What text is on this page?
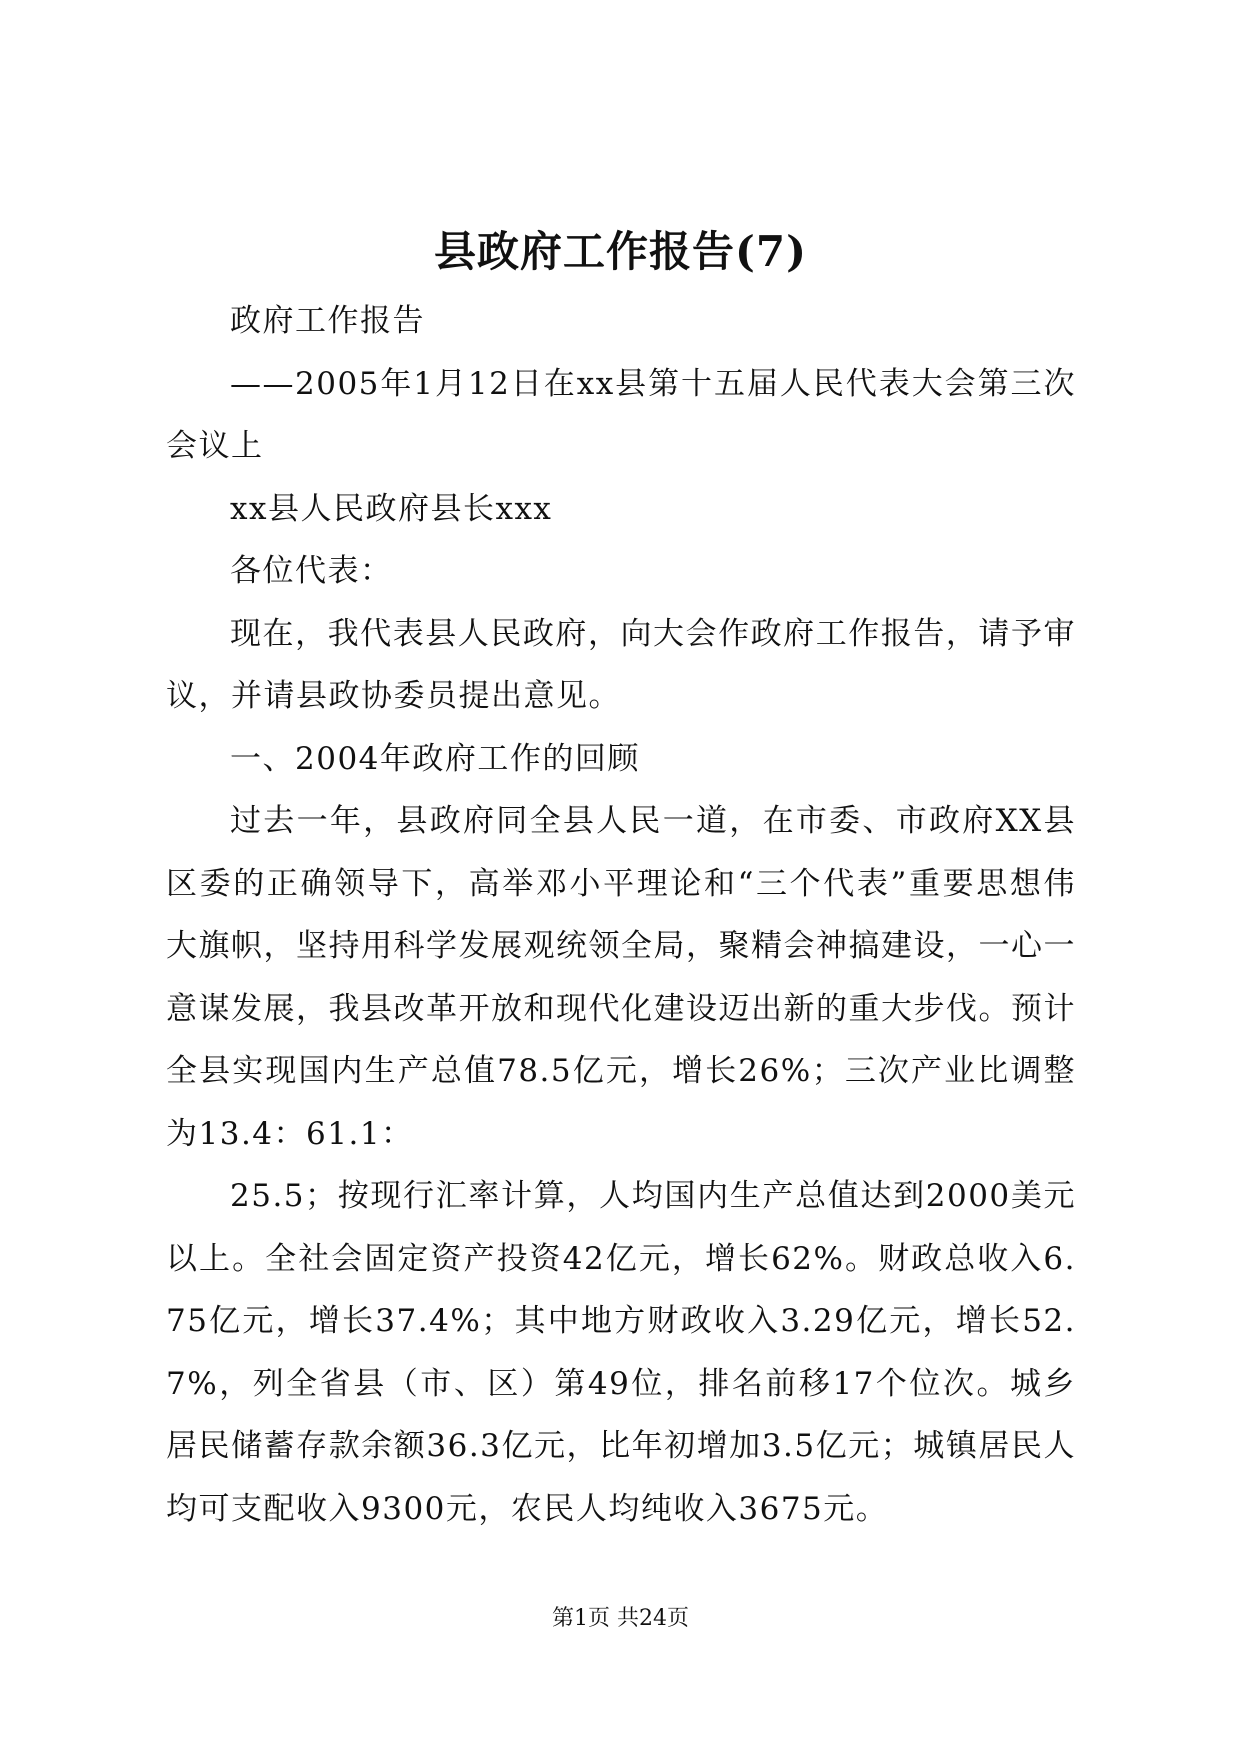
县政府工作报告(7)

政府工作报告

——2005年1月12日在xx县第十五届人民代表大会第三次会议上

xx县人民政府县长xxx

各位代表：

现在，我代表县人民政府，向大会作政府工作报告，请予审议，并请县政协委员提出意见。

一、2004年政府工作的回顾

过去一年，县政府同全县人民一道，在市委、市政府XX县区委的正确领导下，高举邓小平理论和“三个代表”重要思想伟大旗帜，坚持用科学发展观统领全局，聚精会神搞建设，一心一意谋发展，我县改革开放和现代化建设迈出新的重大步伐。预计全县实现国内生产总值78.5亿元，增长26%；三次产业比调整为13.4：61.1：

25.5；按现行汇率计算，人均国内生产总值达到2000美元以上。全社会固定资产投资42亿元，增长62%。财政总收入6.75亿元，增长37.4%；其中地方财政收入3.29亿元，增长52.7%，列全省县（市、区）第49位，排名前移17个位次。城乡居民储蓄存款余额36.3亿元，比年初增加3.5亿元；城镇居民人均可支配收入9300元，农民人均纯收入3675元。

第1页 共24页
